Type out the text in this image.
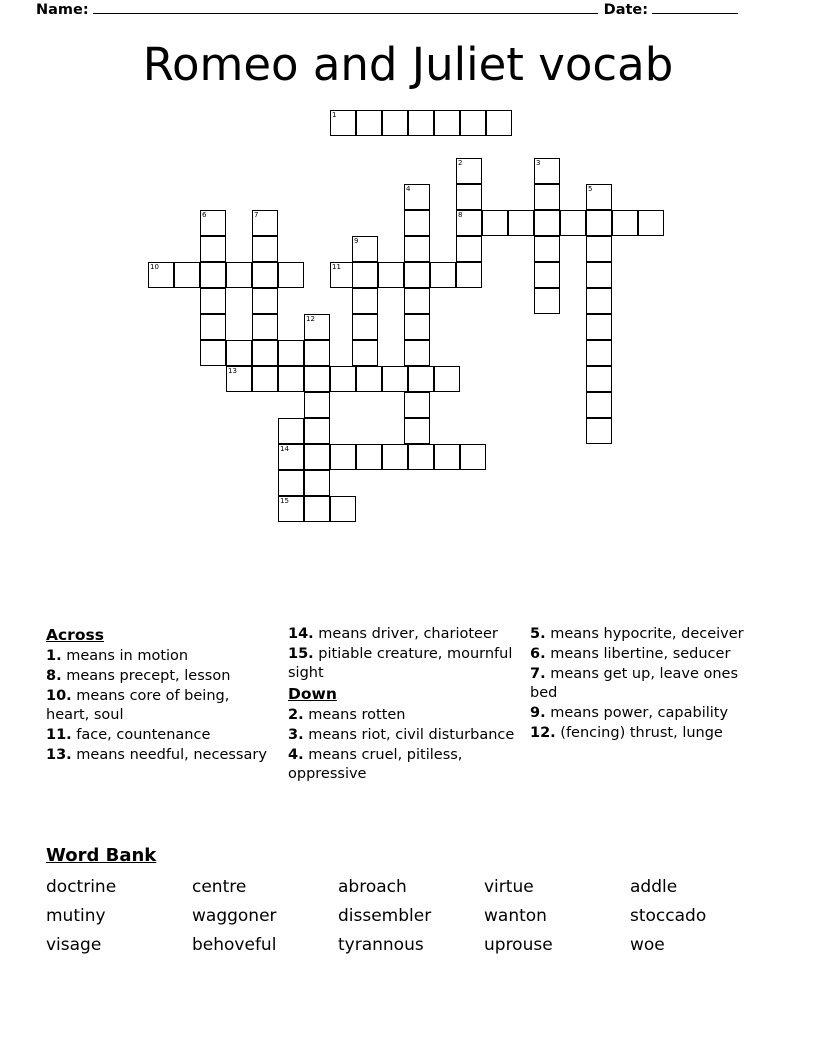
Name:	Date:
Romeo and Juliet vocab
1
2	3
4	5
6	7	8
9
10	11
12
13
14
15
Across
1. means in motion
8. means precept, lesson
10. means core of being, heart, soul
11. face, countenance
13. means needful, necessary
14. means driver, charioteer
15. pitiable creature, mournful sight
Down
2. means rotten
3. means riot, civil disturbance
4. means cruel, pitiless, oppressive
5. means hypocrite, deceiver
6. means libertine, seducer
7. means get up, leave ones bed
9. means power, capability
12. (fencing) thrust, lunge
Word Bank
doctrine	centre	abroach	virtue	addle
mutiny	waggoner	dissembler	wanton	stoccado
visage	behoveful	tyrannous	uprouse	woe
